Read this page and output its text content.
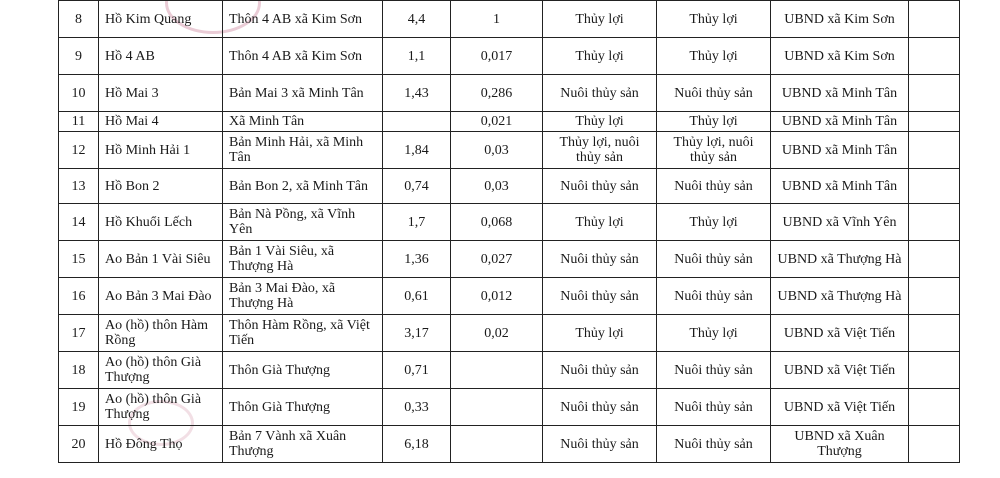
8	Hồ Kim Quang	Thôn 4 AB xã Kim Sơn	4,4	1	Thủy lợi	Thủy lợi	UBND xã Kim Sơn	
9	Hồ 4 AB	Thôn 4 AB xã Kim Sơn	1,1	0,017	Thủy lợi	Thủy lợi	UBND xã Kim Sơn	
10	Hồ Mai 3	Bản Mai 3 xã Minh Tân	1,43	0,286	Nuôi thủy sản	Nuôi thủy sản	UBND xã Minh Tân	
11	Hồ Mai 4	Xã Minh Tân		0,021	Thủy lợi	Thủy lợi	UBND xã Minh Tân	
12	Hồ Minh Hải 1	Bản Minh Hải, xã Minh Tân	1,84	0,03	Thủy lợi, nuôi thủy sản	Thủy lợi, nuôi thủy sản	UBND xã Minh Tân	
13	Hồ Bon 2	Bản Bon 2, xã Minh Tân	0,74	0,03	Nuôi thủy sản	Nuôi thủy sản	UBND xã Minh Tân	
14	Hồ Khuổi Lếch	Bản Nà Pồng, xã Vĩnh Yên	1,7	0,068	Thủy lợi	Thủy lợi	UBND xã Vĩnh Yên	
15	Ao Bản 1 Vài Siêu	Bản 1 Vài Siêu, xã Thượng Hà	1,36	0,027	Nuôi thủy sản	Nuôi thủy sản	UBND xã Thượng Hà	
16	Ao Bản 3 Mai Đào	Bản 3 Mai Đào, xã Thượng Hà	0,61	0,012	Nuôi thủy sản	Nuôi thủy sản	UBND xã Thượng Hà	
17	Ao (hồ) thôn Hàm Rồng	Thôn Hàm Rồng, xã Việt Tiến	3,17	0,02	Thủy lợi	Thủy lợi	UBND xã Việt Tiến	
18	Ao (hồ) thôn Già Thượng	Thôn Già Thượng	0,71		Nuôi thủy sản	Nuôi thủy sản	UBND xã Việt Tiến	
19	Ao (hồ) thôn Già Thượng	Thôn Già Thượng	0,33		Nuôi thủy sản	Nuôi thủy sản	UBND xã Việt Tiến	
20	Hồ Đông Thọ	Bản 7 Vành xã Xuân Thượng	6,18		Nuôi thủy sản	Nuôi thủy sản	UBND xã Xuân Thượng	
